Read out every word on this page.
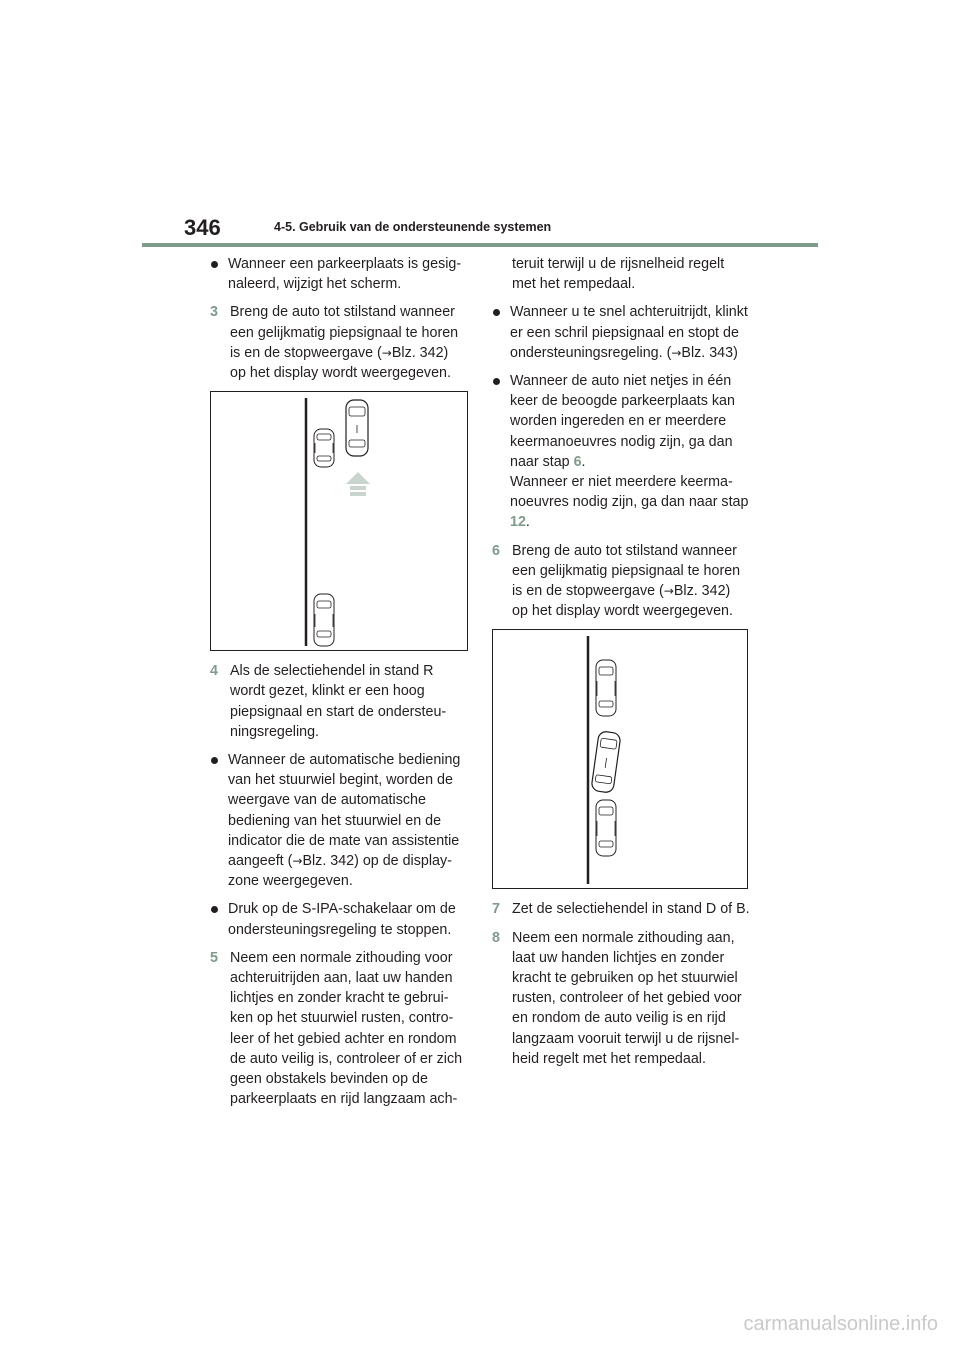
346	4-5. Gebruik van de ondersteunende systemen
Wanneer een parkeerplaats is gesig-naleerd, wijzigt het scherm.
3 Breng de auto tot stilstand wanneer een gelijkmatig piepsignaal te horen is en de stopweergave (→Blz. 342) op het display wordt weergegeven.
4 Als de selectiehendel in stand R wordt gezet, klinkt er een hoog piepsignaal en start de ondersteu-ningsregeling.
Wanneer de automatische bediening van het stuurwiel begint, worden de weergave van de automatische bediening van het stuurwiel en de indicator die de mate van assistentie aangeeft (→Blz. 342) op de display-zone weergegeven.
Druk op de S-IPA-schakelaar om de ondersteuningsregeling te stoppen.
5 Neem een normale zithouding voor achteruitrijden aan, laat uw handen lichtjes en zonder kracht te gebrui-ken op het stuurwiel rusten, contro-leer of het gebied achter en rondom de auto veilig is, controleer of er zich geen obstakels bevinden op de parkeerplaats en rijd langzaam ach-
teruit terwijl u de rijsnelheid regelt met het rempedaal.
Wanneer u te snel achteruitrijdt, klinkt er een schril piepsignaal en stopt de ondersteuningsregeling. (→Blz. 343)
Wanneer de auto niet netjes in één keer de beoogde parkeerplaats kan worden ingereden en er meerdere keermanoeuvres nodig zijn, ga dan naar stap 6.
Wanneer er niet meerdere keerma-noeuvres nodig zijn, ga dan naar stap 12.
6 Breng de auto tot stilstand wanneer een gelijkmatig piepsignaal te horen is en de stopweergave (→Blz. 342) op het display wordt weergegeven.
7 Zet de selectiehendel in stand D of B.
8 Neem een normale zithouding aan, laat uw handen lichtjes en zonder kracht te gebruiken op het stuurwiel rusten, controleer of het gebied voor en rondom de auto veilig is en rijd langzaam vooruit terwijl u de rijsnel-heid regelt met het rempedaal.
carmanualsonline.info
